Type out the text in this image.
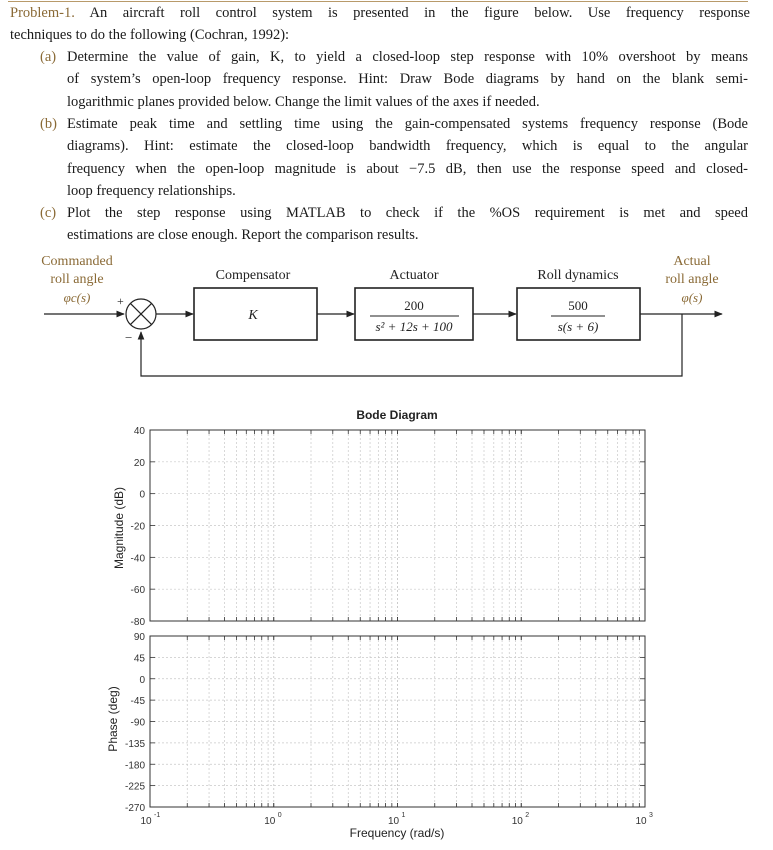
Problem-1. An aircraft roll control system is presented in the figure below. Use frequency response

techniques to do the following (Cochran, 1992):

(a) Determine the value of gain, K, to yield a closed-loop step response with 10% overshoot by means
of system’s open-loop frequency response. Hint: Draw Bode diagrams by hand on the blank semi-
logarithmic planes provided below. Change the limit values of the axes if needed.
(b) Estimate peak time and settling time using the gain-compensated systems frequency response (Bode
diagrams). Hint: estimate the closed-loop bandwidth frequency, which is equal to the angular
frequency when the open-loop magnitude is about −7.5 dB, then use the response speed and closed-
loop frequency relationships.
(c) Plot the step response using MATLAB to check if the %OS requirement is met and speed
estimations are close enough. Report the comparison results.
Commanded
roll angle
φc(s) +
−
Compensator
K
Actuator
200
s² + 12s + 100
Roll dynamics
500
s(s + 6)
Actual
roll angle
φ(s)
Bode Diagram
Magnitude (dB)
Phase (deg)
Frequency (rad/s)
40
20
0
-20
-40
-60
-80
90
45
0
-45
-90
-135
-180
-225
-270
10
-1
10
0
10
1
10
2
10
3
